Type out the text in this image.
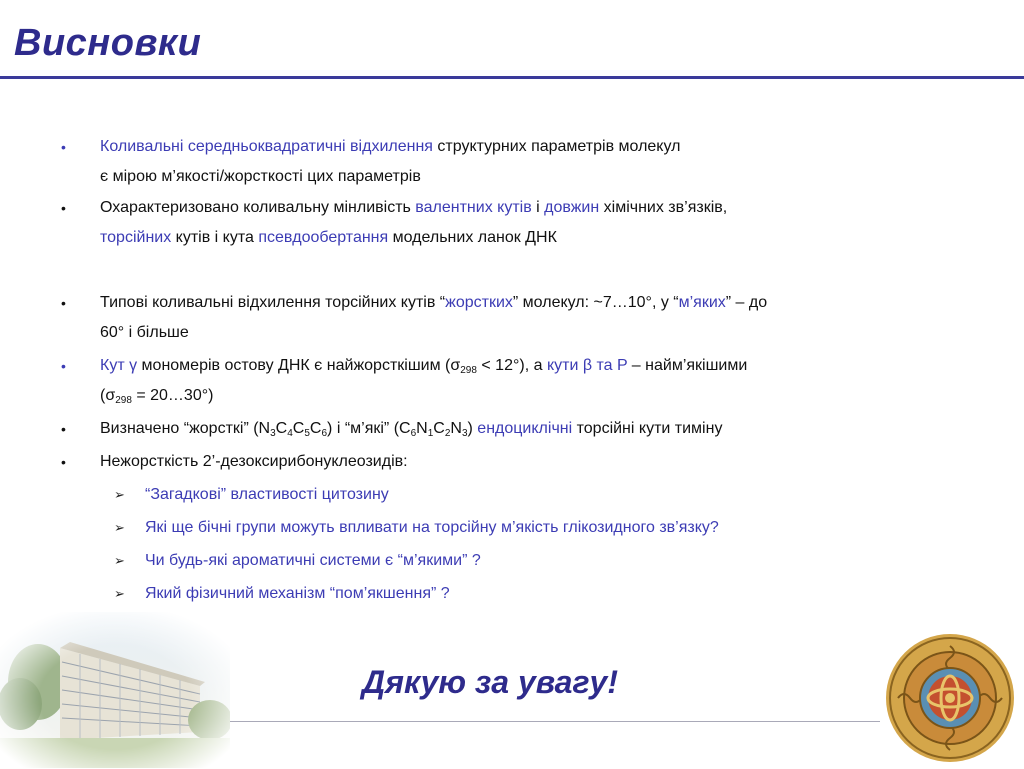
Висновки
• Коливальні середньоквадратичні відхилення структурних параметрів молекул
є мірою м’якості/жорсткості цих параметрів
• Охарактеризовано коливальну мінливість валентних кутів і довжин хімічних зв’язків,
торсійних кутів і кута псевдообертання модельних ланок ДНК
• Типові коливальні відхилення торсійних кутів “жорстких” молекул: ~7…10°, у “м’яких” – до
60° і більше
• Кут γ мономерів остову ДНК є найжорсткішим $(\sigma_{298} < 12^\circ)$, а кути β та P – найм’якішими
($\sigma_{298}$ = 20…30°)
• Визначено “жорсткі” $(N_3C_4C_5C_6)$ і “м’які” $(C_6N_1C_2N_3)$ ендоциклічні торсійні кути тиміну
• Нежорсткість 2’-дезоксирибонуклеозидів:
➢ “Загадкові” властивості цитозину
➢ Які ще бічні групи можуть впливати на торсійну м’якість глікозидного зв’язку?
➢ Чи будь-які ароматичні системи є “м’якими” ?
➢ Який фізичний механізм “пом’якшення” ?
Дякую за увагу!
